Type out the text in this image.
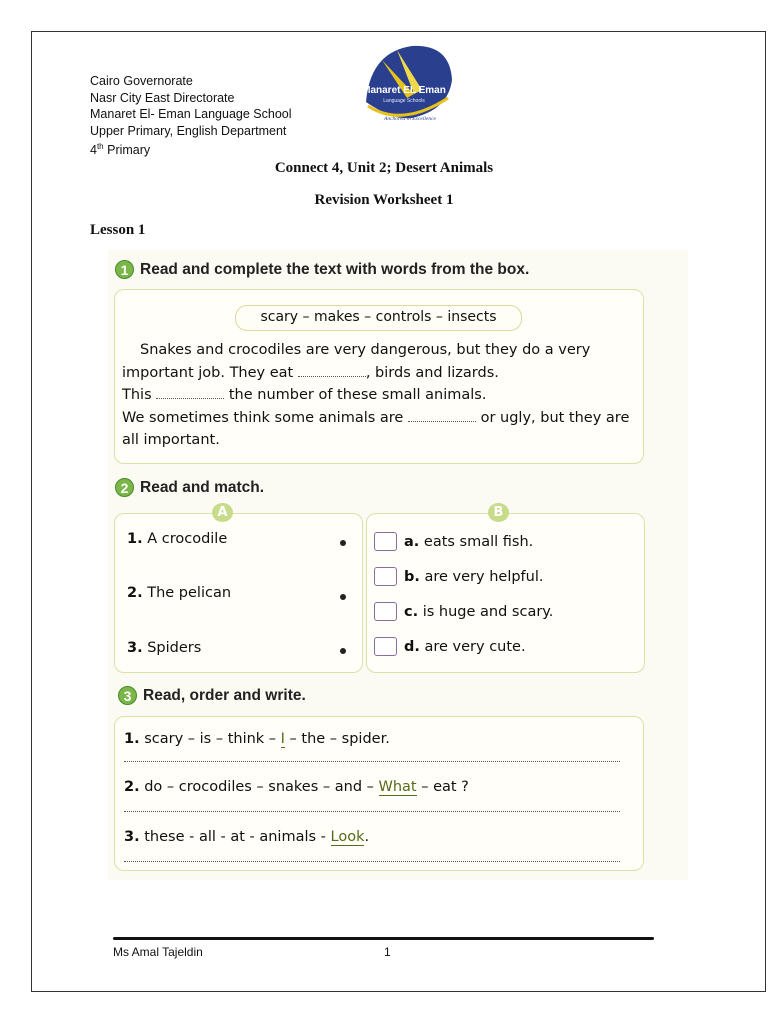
Cairo Governorate
Nasr City East Directorate
Manaret El- Eman Language School
Upper Primary, English Department
4th Primary
Manaret EL Eman
Language Schools
Anchored in Excellence
Connect 4, Unit 2; Desert Animals
Revision Worksheet 1
Lesson 1
1 Read and complete the text with words from the box.
scary – makes – controls – insects
Snakes and crocodiles are very dangerous, but they do a very important job. They eat	, birds and lizards.
This	the number of these small animals.
We sometimes think some animals are	or ugly, but they are all important.
2 Read and match.
A	B
1. A crocodile
2. The pelican
3. Spiders
a. eats small fish.
b. are very helpful.
c. is huge and scary.
d. are very cute.
3 Read, order and write.
1. scary – is – think – I – the – spider.
2. do – crocodiles – snakes – and – What – eat ?
3. these - all - at - animals - Look.
Ms Amal Tajeldin	1
